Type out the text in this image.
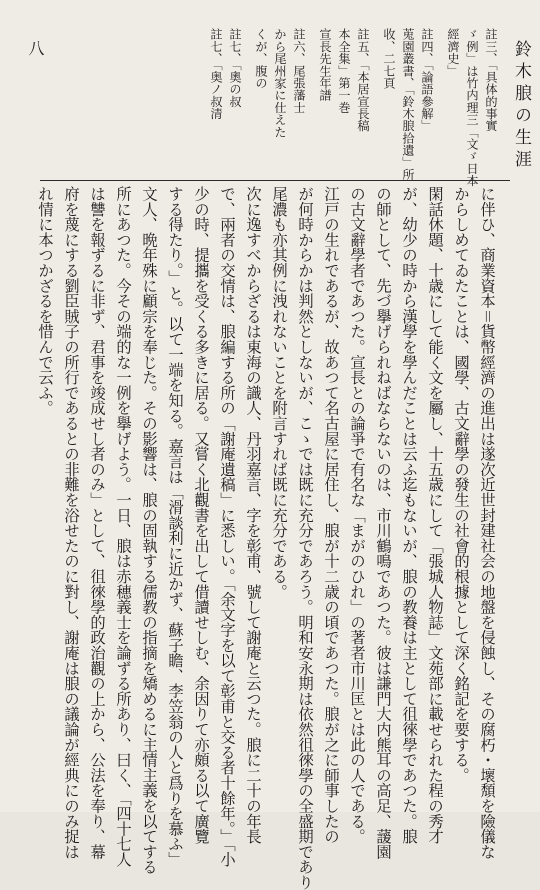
鈴木朖の生涯
八	註三、「具体的事實
ゞ例」は竹内理三「文ゞ日本
經濟史」
註四、「論語參解」
莵園叢書、「鈴木朖拾遺」所
收、二七頁
註五、「本居宣長稿
本全集」第一巻
宣長先生年譜
註六、尾張藩士
から尾州家に仕えた
くが、腹の
註七、「奧の叔
註七、「奥ノ叔清
に伴ひ、商業資本＝貨幣經濟の進出は遂次近世封建社会の地盤を侵蝕し、その腐朽・壞頽を險儀な
からしめてゐたことは、國學、古文辭學の發生の社會的根據として深く銘記を要する。
閑話休題、十歳にして能く文を屬し、十五歳にして「張城人物誌」文苑部に載せられた程の秀才
が、幼少の時から漢學を學んだことは云ふ迄もないが、朖の教養は主として徂徠學であつた。朖
の師として、先づ擧げられねばならないのは、市川鶴鳴であつた。彼は謙門大内熊耳の高足、蘐園
の古文辭學者であつた。宣長との論爭で有名な「まがのひれ」の著者市川匡とは此の人である。
江戸の生れであるが、故あつて名古屋に居住し、朖が十二歳の頃であつた。朖が之に師事したの
が何時からかは判然としないが、こゝでは既に充分であろう。明和安永期は依然徂徠學の全盛期であり
尾濃も亦其例に洩れないことを附言すれば既に充分である。
次に逸すべからざるは東海の識人、丹羽嘉言、字を彰甫、號して謝庵と云つた。朖に二十の年長
で、兩者の交情は、朖編する所の「謝庵遺稿」に悉しい。「余文字を以て彰甫と交る者十餘年。」「小
少の時、提攜を受くる多きに居る。又嘗く北觀書を出して借讀せしむ、余因りて亦頗る以て廣覽
する得たり。」と。以て一端を知る。嘉言は「滑談利に近かず、蘇子瞻、李笠翁の人と爲りを慕ふ」
文人、晩年殊に顧宗を奉じた。その影響は、朖の固執する儒教の指摘を矯めるに主情主義を以てする
所にあつた。今その端的な一例を擧げよう。一日、朖は赤穗義士を論ずる所あり、曰く、「四十七人
は讐を報ずるに非ず、君事を竣成せし者のみ」として、徂徠學的政治觀の上から、公法を奉り、幕
府を蔑にする劉臣賊子の所行であるとの非難を浴せたのに對し、謝庵は朖の議論が經典にのみ捉は
れ情に本つかざるを惜んで云ふ。
